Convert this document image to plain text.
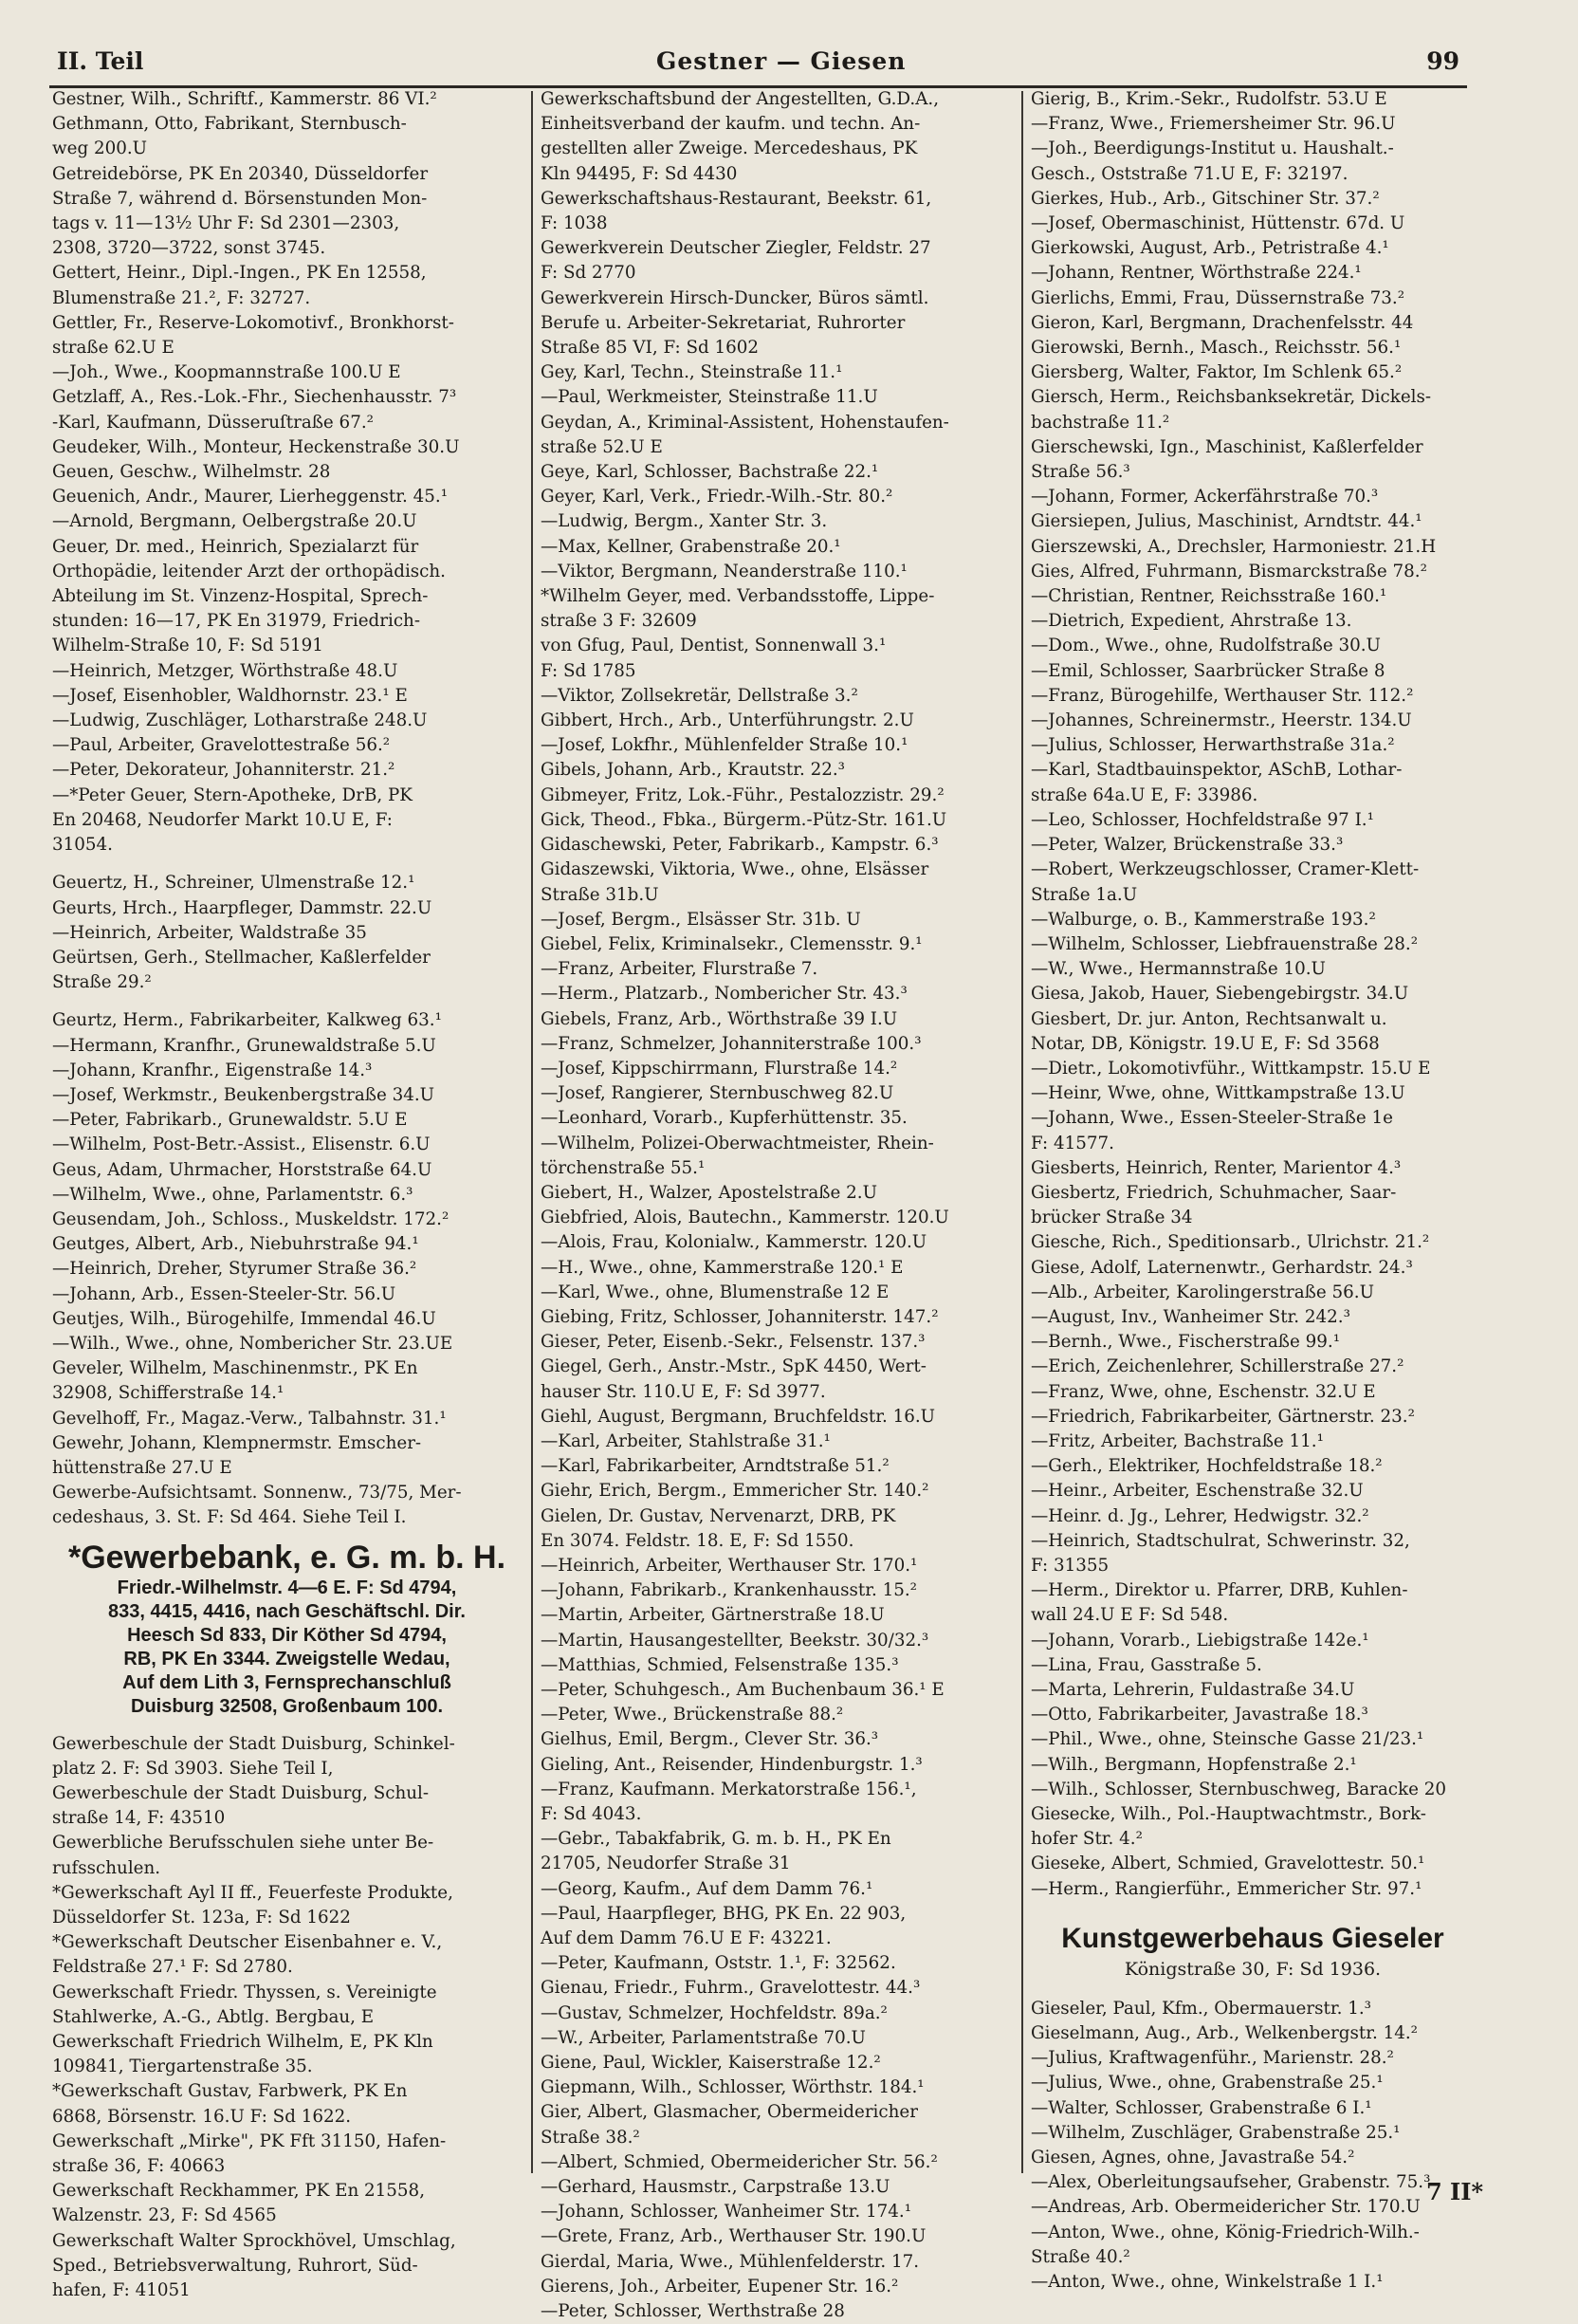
II. Teil	Gestner — Giesen	99
Gestner, Wilh., Schriftf., Kammerstr. 86 VI.²
Gethmann, Otto, Fabrikant, Sternbusch-
weg 200.U
Getreidebörse, PK En 20340, Düsseldorfer
Straße 7, während d. Börsenstunden Mon-
tags v. 11—13½ Uhr F: Sd 2301—2303,
2308, 3720—3722, sonst 3745.
Gettert, Heinr., Dipl.-Ingen., PK En 12558,
Blumenstraße 21.², F: 32727.
Gettler, Fr., Reserve-Lokomotivf., Bronkhorst-
straße 62.U E
—Joh., Wwe., Koopmannstraße 100.U E
Getzlaff, A., Res.-Lok.-Fhr., Siechenhausstr. 7³
-Karl, Kaufmann, Düsseruſtraße 67.²
Geudeker, Wilh., Monteur, Heckenstraße 30.U
Geuen, Geschw., Wilhelmstr. 28
Geuenich, Andr., Maurer, Lierheggenstr. 45.¹
—Arnold, Bergmann, Oelbergstraße 20.U
Geuer, Dr. med., Heinrich, Spezialarzt für
Orthopädie, leitender Arzt der orthopädisch.
Abteilung im St. Vinzenz-Hospital, Sprech-
stunden: 16—17, PK En 31979, Friedrich-
Wilhelm-Straße 10, F: Sd 5191
—Heinrich, Metzger, Wörthstraße 48.U
—Josef, Eisenhobler, Waldhornstr. 23.¹ E
—Ludwig, Zuschläger, Lotharstraße 248.U
—Paul, Arbeiter, Gravelottestraße 56.²
—Peter, Dekorateur, Johanniterstr. 21.²
—*Peter Geuer, Stern-Apotheke, DrB, PK
En 20468, Neudorfer Markt 10.U E, F:
31054.
Geuertz, H., Schreiner, Ulmenstraße 12.¹
Geurts, Hrch., Haarpfleger, Dammstr. 22.U
—Heinrich, Arbeiter, Waldstraße 35
Geürtsen, Gerh., Stellmacher, Kaßlerfelder
Straße 29.²
Geurtz, Herm., Fabrikarbeiter, Kalkweg 63.¹
—Hermann, Kranfhr., Grunewaldstraße 5.U
—Johann, Kranfhr., Eigenstraße 14.³
—Josef, Werkmstr., Beukenbergstraße 34.U
—Peter, Fabrikarb., Grunewaldstr. 5.U E
—Wilhelm, Post-Betr.-Assist., Elisenstr. 6.U
Geus, Adam, Uhrmacher, Horststraße 64.U
—Wilhelm, Wwe., ohne, Parlamentstr. 6.³
Geusendam, Joh., Schloss., Muskeldstr. 172.²
Geutges, Albert, Arb., Niebuhrstraße 94.¹
—Heinrich, Dreher, Styrumer Straße 36.²
—Johann, Arb., Essen-Steeler-Str. 56.U
Geutjes, Wilh., Bürogehilfe, Immendal 46.U
—Wilh., Wwe., ohne, Nombericher Str. 23.UE
Geveler, Wilhelm, Maschinenmstr., PK En
32908, Schifferstraße 14.¹
Gevelhoff, Fr., Magaz.-Verw., Talbahnstr. 31.¹
Gewehr, Johann, Klempnermstr. Emscher-
hüttenstraße 27.U E
Gewerbe-Aufsichtsamt. Sonnenw., 73/75, Mer-
cedeshaus, 3. St. F: Sd 464. Siehe Teil I.
*Gewerbebank, e. G. m. b. H.
Friedr.-Wilhelmstr. 4—6 E. F: Sd 4794,
833, 4415, 4416, nach Geschäftschl. Dir.
Heesch Sd 833, Dir Köther Sd 4794,
RB, PK En 3344. Zweigstelle Wedau,
Auf dem Lith 3, Fernsprechanschluß
Duisburg 32508, Großenbaum 100.
Gewerbeschule der Stadt Duisburg, Schinkel-
platz 2. F: Sd 3903. Siehe Teil I,
Gewerbeschule der Stadt Duisburg, Schul-
straße 14, F: 43510
Gewerbliche Berufsschulen siehe unter Be-
rufsschulen.
*Gewerkschaft Ayl II ff., Feuerfeste Produkte,
Düsseldorfer St. 123a, F: Sd 1622
*Gewerkschaft Deutscher Eisenbahner e. V.,
Feldstraße 27.¹ F: Sd 2780.
Gewerkschaft Friedr. Thyssen, s. Vereinigte
Stahlwerke, A.-G., Abtlg. Bergbau, E
Gewerkschaft Friedrich Wilhelm, E, PK Kln
109841, Tiergartenstraße 35.
*Gewerkschaft Gustav, Farbwerk, PK En
6868, Börsenstr. 16.U F: Sd 1622.
Gewerkschaft „Mirke", PK Fft 31150, Hafen-
straße 36, F: 40663
Gewerkschaft Reckhammer, PK En 21558,
Walzenstr. 23, F: Sd 4565
Gewerkschaft Walter Sprockhövel, Umschlag,
Sped., Betriebsverwaltung, Ruhrort, Süd-
hafen, F: 41051
Gewerkschaftsbund der Angestellten, G.D.A.,
Einheitsverband der kaufm. und techn. An-
gestellten aller Zweige. Mercedeshaus, PK
Kln 94495, F: Sd 4430
Gewerkschaftshaus-Restaurant, Beekstr. 61,
F: 1038
Gewerkverein Deutscher Ziegler, Feldstr. 27
F: Sd 2770
Gewerkverein Hirsch-Duncker, Büros sämtl.
Berufe u. Arbeiter-Sekretariat, Ruhrorter
Straße 85 VI, F: Sd 1602
Gey, Karl, Techn., Steinstraße 11.¹
—Paul, Werkmeister, Steinstraße 11.U
Geydan, A., Kriminal-Assistent, Hohenstaufen-
straße 52.U E
Geye, Karl, Schlosser, Bachstraße 22.¹
Geyer, Karl, Verk., Friedr.-Wilh.-Str. 80.²
—Ludwig, Bergm., Xanter Str. 3.
—Max, Kellner, Grabenstraße 20.¹
—Viktor, Bergmann, Neanderstraße 110.¹
*Wilhelm Geyer, med. Verbandsstoffe, Lippe-
straße 3 F: 32609
von Gfug, Paul, Dentist, Sonnenwall 3.¹
F: Sd 1785
—Viktor, Zollsekretär, Dellstraße 3.²
Gibbert, Hrch., Arb., Unterführungstr. 2.U
—Josef, Lokfhr., Mühlenfelder Straße 10.¹
Gibels, Johann, Arb., Krautstr. 22.³
Gibmeyer, Fritz, Lok.-Führ., Pestalozzistr. 29.²
Gick, Theod., Fbka., Bürgerm.-Pütz-Str. 161.U
Gidaschewski, Peter, Fabrikarb., Kampstr. 6.³
Gidaszewski, Viktoria, Wwe., ohne, Elsässer
Straße 31b.U
—Josef, Bergm., Elsässer Str. 31b. U
Giebel, Felix, Kriminalsekr., Clemensstr. 9.¹
—Franz, Arbeiter, Flurstraße 7.
—Herm., Platzarb., Nombericher Str. 43.³
Giebels, Franz, Arb., Wörthstraße 39 I.U
—Franz, Schmelzer, Johanniterstraße 100.³
—Josef, Kippschirrmann, Flurstraße 14.²
—Josef, Rangierer, Sternbuschweg 82.U
—Leonhard, Vorarb., Kupferhüttenstr. 35.
—Wilhelm, Polizei-Oberwachtmeister, Rhein-
törchenstraße 55.¹
Giebert, H., Walzer, Apostelstraße 2.U
Giebfried, Alois, Bautechn., Kammerstr. 120.U
—Alois, Frau, Kolonialw., Kammerstr. 120.U
—H., Wwe., ohne, Kammerstraße 120.¹ E
—Karl, Wwe., ohne, Blumenstraße 12 E
Giebing, Fritz, Schlosser, Johanniterstr. 147.²
Gieser, Peter, Eisenb.-Sekr., Felsenstr. 137.³
Giegel, Gerh., Anstr.-Mstr., SpK 4450, Wert-
hauser Str. 110.U E, F: Sd 3977.
Giehl, August, Bergmann, Bruchfeldstr. 16.U
—Karl, Arbeiter, Stahlstraße 31.¹
—Karl, Fabrikarbeiter, Arndtstraße 51.²
Giehr, Erich, Bergm., Emmericher Str. 140.²
Gielen, Dr. Gustav, Nervenarzt, DRB, PK
En 3074. Feldstr. 18. E, F: Sd 1550.
—Heinrich, Arbeiter, Werthauser Str. 170.¹
—Johann, Fabrikarb., Krankenhausstr. 15.²
—Martin, Arbeiter, Gärtnerstraße 18.U
—Martin, Hausangestellter, Beekstr. 30/32.³
—Matthias, Schmied, Felsenstraße 135.³
—Peter, Schuhgesch., Am Buchenbaum 36.¹ E
—Peter, Wwe., Brückenstraße 88.²
Gielhus, Emil, Bergm., Clever Str. 36.³
Gieling, Ant., Reisender, Hindenburgstr. 1.³
—Franz, Kaufmann. Merkatorstraße 156.¹,
F: Sd 4043.
—Gebr., Tabakfabrik, G. m. b. H., PK En
21705, Neudorfer Straße 31
—Georg, Kaufm., Auf dem Damm 76.¹
—Paul, Haarpfleger, BHG, PK En. 22 903,
Auf dem Damm 76.U E F: 43221.
—Peter, Kaufmann, Oststr. 1.¹, F: 32562.
Gienau, Friedr., Fuhrm., Gravelottestr. 44.³
—Gustav, Schmelzer, Hochfeldstr. 89a.²
—W., Arbeiter, Parlamentstraße 70.U
Giene, Paul, Wickler, Kaiserstraße 12.²
Giepmann, Wilh., Schlosser, Wörthstr. 184.¹
Gier, Albert, Glasmacher, Obermeidericher
Straße 38.²
—Albert, Schmied, Obermeidericher Str. 56.²
—Gerhard, Hausmstr., Carpstraße 13.U
—Johann, Schlosser, Wanheimer Str. 174.¹
—Grete, Franz, Arb., Werthauser Str. 190.U
Gierdal, Maria, Wwe., Mühlenfelderstr. 17.
Gierens, Joh., Arbeiter, Eupener Str. 16.²
—Peter, Schlosser, Werthstraße 28
Gierig, B., Krim.-Sekr., Rudolfstr. 53.U E
—Franz, Wwe., Friemersheimer Str. 96.U
—Joh., Beerdigungs-Institut u. Haushalt.-
Gesch., Oststraße 71.U E, F: 32197.
Gierkes, Hub., Arb., Gitschiner Str. 37.²
—Josef, Obermaschinist, Hüttenstr. 67d. U
Gierkowski, August, Arb., Petristraße 4.¹
—Johann, Rentner, Wörthstraße 224.¹
Gierlichs, Emmi, Frau, Düssernstraße 73.²
Gieron, Karl, Bergmann, Drachenfelsstr. 44
Gierowski, Bernh., Masch., Reichsstr. 56.¹
Giersberg, Walter, Faktor, Im Schlenk 65.²
Giersch, Herm., Reichsbanksekretär, Dickels-
bachstraße 11.²
Gierschewski, Ign., Maschinist, Kaßlerfelder
Straße 56.³
—Johann, Former, Ackerfährstraße 70.³
Giersiepen, Julius, Maschinist, Arndtstr. 44.¹
Gierszewski, A., Drechsler, Harmoniestr. 21.H
Gies, Alfred, Fuhrmann, Bismarckstraße 78.²
—Christian, Rentner, Reichsstraße 160.¹
—Dietrich, Expedient, Ahrstraße 13.
—Dom., Wwe., ohne, Rudolfstraße 30.U
—Emil, Schlosser, Saarbrücker Straße 8
—Franz, Bürogehilfe, Werthauser Str. 112.²
—Johannes, Schreinermstr., Heerstr. 134.U
—Julius, Schlosser, Herwarthstraße 31a.²
—Karl, Stadtbauinspektor, ASchB, Lothar-
straße 64a.U E, F: 33986.
—Leo, Schlosser, Hochfeldstraße 97 I.¹
—Peter, Walzer, Brückenstraße 33.³
—Robert, Werkzeugschlosser, Cramer-Klett-
Straße 1a.U
—Walburge, o. B., Kammerstraße 193.²
—Wilhelm, Schlosser, Liebfrauenstraße 28.²
—W., Wwe., Hermannstraße 10.U
Giesa, Jakob, Hauer, Siebengebirgstr. 34.U
Giesbert, Dr. jur. Anton, Rechtsanwalt u.
Notar, DB, Königstr. 19.U E, F: Sd 3568
—Dietr., Lokomotivführ., Wittkampstr. 15.U E
—Heinr, Wwe, ohne, Wittkampstraße 13.U
—Johann, Wwe., Essen-Steeler-Straße 1e
F: 41577.
Giesberts, Heinrich, Renter, Marientor 4.³
Giesbertz, Friedrich, Schuhmacher, Saar-
brücker Straße 34
Giesche, Rich., Speditionsarb., Ulrichstr. 21.²
Giese, Adolf, Laternenwtr., Gerhardstr. 24.³
—Alb., Arbeiter, Karolingerstraße 56.U
—August, Inv., Wanheimer Str. 242.³
—Bernh., Wwe., Fischerstraße 99.¹
—Erich, Zeichenlehrer, Schillerstraße 27.²
—Franz, Wwe, ohne, Eschenstr. 32.U E
—Friedrich, Fabrikarbeiter, Gärtnerstr. 23.²
—Fritz, Arbeiter, Bachstraße 11.¹
—Gerh., Elektriker, Hochfeldstraße 18.²
—Heinr., Arbeiter, Eschenstraße 32.U
—Heinr. d. Jg., Lehrer, Hedwigstr. 32.²
—Heinrich, Stadtschulrat, Schwerinstr. 32,
F: 31355
—Herm., Direktor u. Pfarrer, DRB, Kuhlen-
wall 24.U E F: Sd 548.
—Johann, Vorarb., Liebigstraße 142e.¹
—Lina, Frau, Gasstraße 5.
—Marta, Lehrerin, Fuldastraße 34.U
—Otto, Fabrikarbeiter, Javastraße 18.³
—Phil., Wwe., ohne, Steinsche Gasse 21/23.¹
—Wilh., Bergmann, Hopfenstraße 2.¹
—Wilh., Schlosser, Sternbuschweg, Baracke 20
Giesecke, Wilh., Pol.-Hauptwachtmstr., Bork-
hofer Str. 4.²
Gieseke, Albert, Schmied, Gravelottestr. 50.¹
—Herm., Rangierführ., Emmericher Str. 97.¹
Kunstgewerbehaus Gieseler
Königstraße 30, F: Sd 1936.
Gieseler, Paul, Kfm., Obermauerstr. 1.³
Gieselmann, Aug., Arb., Welkenbergstr. 14.²
—Julius, Kraftwagenführ., Marienstr. 28.²
—Julius, Wwe., ohne, Grabenstraße 25.¹
—Walter, Schlosser, Grabenstraße 6 I.¹
—Wilhelm, Zuschläger, Grabenstraße 25.¹
Giesen, Agnes, ohne, Javastraße 54.²
—Alex, Oberleitungsaufseher, Grabenstr. 75.³
—Andreas, Arb. Obermeidericher Str. 170.U
—Anton, Wwe., ohne, König-Friedrich-Wilh.-
Straße 40.²
—Anton, Wwe., ohne, Winkelstraße 1 I.¹
7 II*
